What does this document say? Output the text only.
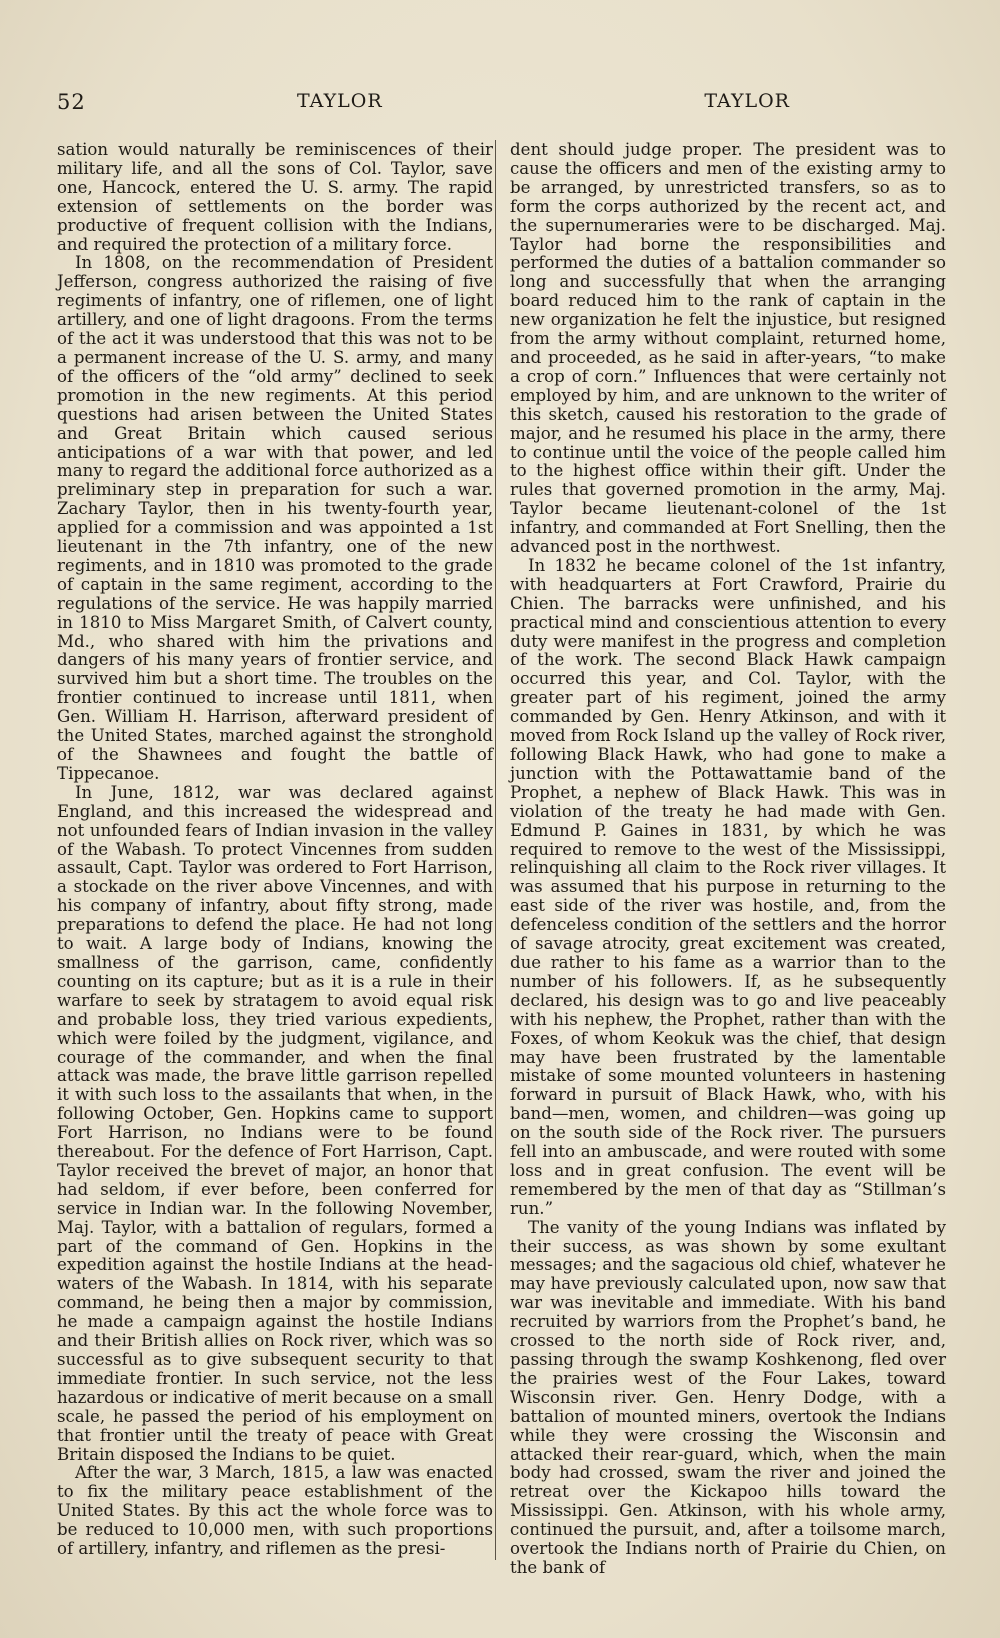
52	TAYLOR	TAYLOR

sation would naturally be reminiscences of their military life, and all the sons of Col. Taylor, save one, Hancock, entered the U. S. army. The rapid extension of settlements on the border was productive of frequent collision with the Indians, and required the protection of a military force.

In 1808, on the recommendation of President Jefferson, congress authorized the raising of five regiments of infantry, one of riflemen, one of light artillery, and one of light dragoons. From the terms of the act it was understood that this was not to be a permanent increase of the U. S. army, and many of the officers of the “old army” declined to seek promotion in the new regiments. At this period questions had arisen between the United States and Great Britain which caused serious anticipations of a war with that power, and led many to regard the additional force authorized as a preliminary step in preparation for such a war. Zachary Taylor, then in his twenty-fourth year, applied for a commission and was appointed a 1st lieutenant in the 7th infantry, one of the new regiments, and in 1810 was promoted to the grade of captain in the same regiment, according to the regulations of the service. He was happily married in 1810 to Miss Margaret Smith, of Calvert county, Md., who shared with him the privations and dangers of his many years of frontier service, and survived him but a short time. The troubles on the frontier continued to increase until 1811, when Gen. William H. Harrison, afterward president of the United States, marched against the stronghold of the Shawnees and fought the battle of Tippecanoe.

In June, 1812, war was declared against England, and this increased the widespread and not unfounded fears of Indian invasion in the valley of the Wabash. To protect Vincennes from sudden assault, Capt. Taylor was ordered to Fort Harrison, a stockade on the river above Vincennes, and with his company of infantry, about fifty strong, made preparations to defend the place. He had not long to wait. A large body of Indians, knowing the smallness of the garrison, came, confidently counting on its capture; but as it is a rule in their warfare to seek by stratagem to avoid equal risk and probable loss, they tried various expedients, which were foiled by the judgment, vigilance, and courage of the commander, and when the final attack was made, the brave little garrison repelled it with such loss to the assailants that when, in the following October, Gen. Hopkins came to support Fort Harrison, no Indians were to be found thereabout. For the defence of Fort Harrison, Capt. Taylor received the brevet of major, an honor that had seldom, if ever before, been conferred for service in Indian war. In the following November, Maj. Taylor, with a battalion of regulars, formed a part of the command of Gen. Hopkins in the expedition against the hostile Indians at the head-waters of the Wabash. In 1814, with his separate command, he being then a major by commission, he made a campaign against the hostile Indians and their British allies on Rock river, which was so successful as to give subsequent security to that immediate frontier. In such service, not the less hazardous or indicative of merit because on a small scale, he passed the period of his employment on that frontier until the treaty of peace with Great Britain disposed the Indians to be quiet.

After the war, 3 March, 1815, a law was enacted to fix the military peace establishment of the United States. By this act the whole force was to be reduced to 10,000 men, with such proportions of artillery, infantry, and riflemen as the presi-

dent should judge proper. The president was to cause the officers and men of the existing army to be arranged, by unrestricted transfers, so as to form the corps authorized by the recent act, and the supernumeraries were to be discharged. Maj. Taylor had borne the responsibilities and performed the duties of a battalion commander so long and successfully that when the arranging board reduced him to the rank of captain in the new organization he felt the injustice, but resigned from the army without complaint, returned home, and proceeded, as he said in after-years, “to make a crop of corn.” Influences that were certainly not employed by him, and are unknown to the writer of this sketch, caused his restoration to the grade of major, and he resumed his place in the army, there to continue until the voice of the people called him to the highest office within their gift. Under the rules that governed promotion in the army, Maj. Taylor became lieutenant-colonel of the 1st infantry, and commanded at Fort Snelling, then the advanced post in the northwest.

In 1832 he became colonel of the 1st infantry, with headquarters at Fort Crawford, Prairie du Chien. The barracks were unfinished, and his practical mind and conscientious attention to every duty were manifest in the progress and completion of the work. The second Black Hawk campaign occurred this year, and Col. Taylor, with the greater part of his regiment, joined the army commanded by Gen. Henry Atkinson, and with it moved from Rock Island up the valley of Rock river, following Black Hawk, who had gone to make a junction with the Pottawattamie band of the Prophet, a nephew of Black Hawk. This was in violation of the treaty he had made with Gen. Edmund P. Gaines in 1831, by which he was required to remove to the west of the Mississippi, relinquishing all claim to the Rock river villages. It was assumed that his purpose in returning to the east side of the river was hostile, and, from the defenceless condition of the settlers and the horror of savage atrocity, great excitement was created, due rather to his fame as a warrior than to the number of his followers. If, as he subsequently declared, his design was to go and live peaceably with his nephew, the Prophet, rather than with the Foxes, of whom Keokuk was the chief, that design may have been frustrated by the lamentable mistake of some mounted volunteers in hastening forward in pursuit of Black Hawk, who, with his band—men, women, and children—was going up on the south side of the Rock river. The pursuers fell into an ambuscade, and were routed with some loss and in great confusion. The event will be remembered by the men of that day as “Stillman’s run.”

The vanity of the young Indians was inflated by their success, as was shown by some exultant messages; and the sagacious old chief, whatever he may have previously calculated upon, now saw that war was inevitable and immediate. With his band recruited by warriors from the Prophet’s band, he crossed to the north side of Rock river, and, passing through the swamp Koshkenong, fled over the prairies west of the Four Lakes, toward Wisconsin river. Gen. Henry Dodge, with a battalion of mounted miners, overtook the Indians while they were crossing the Wisconsin and attacked their rear-guard, which, when the main body had crossed, swam the river and joined the retreat over the Kickapoo hills toward the Mississippi. Gen. Atkinson, with his whole army, continued the pursuit, and, after a toilsome march, overtook the Indians north of Prairie du Chien, on the bank of
